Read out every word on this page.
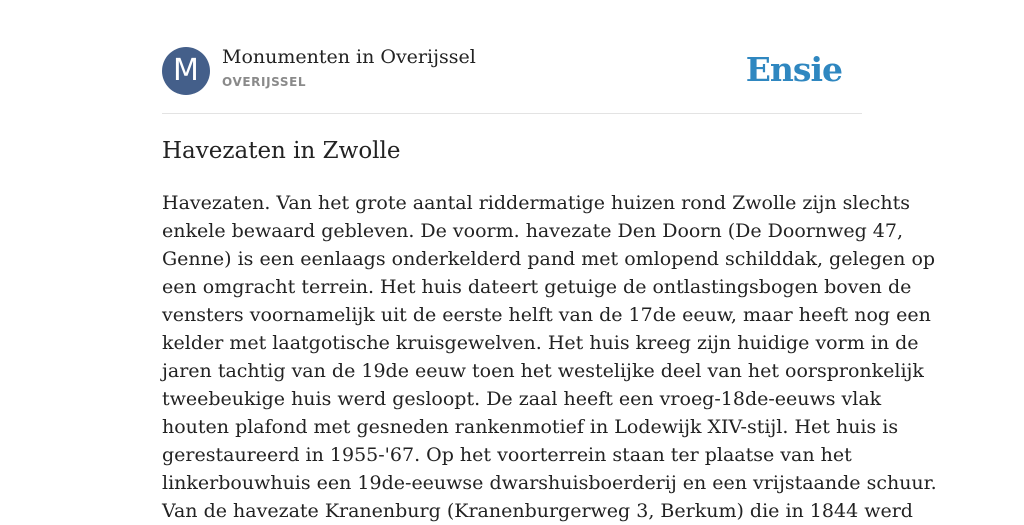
M	Monumenten in Overijssel
OVERIJSSEL	Ensie
Havezaten in Zwolle

Havezaten. Van het grote aantal riddermatige huizen rond Zwolle zijn slechts
enkele bewaard gebleven. De voorm. havezate Den Doorn (De Doornweg 47,
Genne) is een eenlaags onderkelderd pand met omlopend schilddak, gelegen op
een omgracht terrein. Het huis dateert getuige de ontlastingsbogen boven de
vensters voornamelijk uit de eerste helft van de 17de eeuw, maar heeft nog een
kelder met laatgotische kruisgewelven. Het huis kreeg zijn huidige vorm in de
jaren tachtig van de 19de eeuw toen het westelijke deel van het oorspronkelijk
tweebeukige huis werd gesloopt. De zaal heeft een vroeg-18de-eeuws vlak
houten plafond met gesneden rankenmotief in Lodewijk XIV-stijl. Het huis is
gerestaureerd in 1955-'67. Op het voorterrein staan ter plaatse van het
linkerbouwhuis een 19de-eeuwse dwarshuisboerderij en een vrijstaande schuur.
Van de havezate Kranenburg (Kranenburgerweg 3, Berkum) die in 1844 werd
